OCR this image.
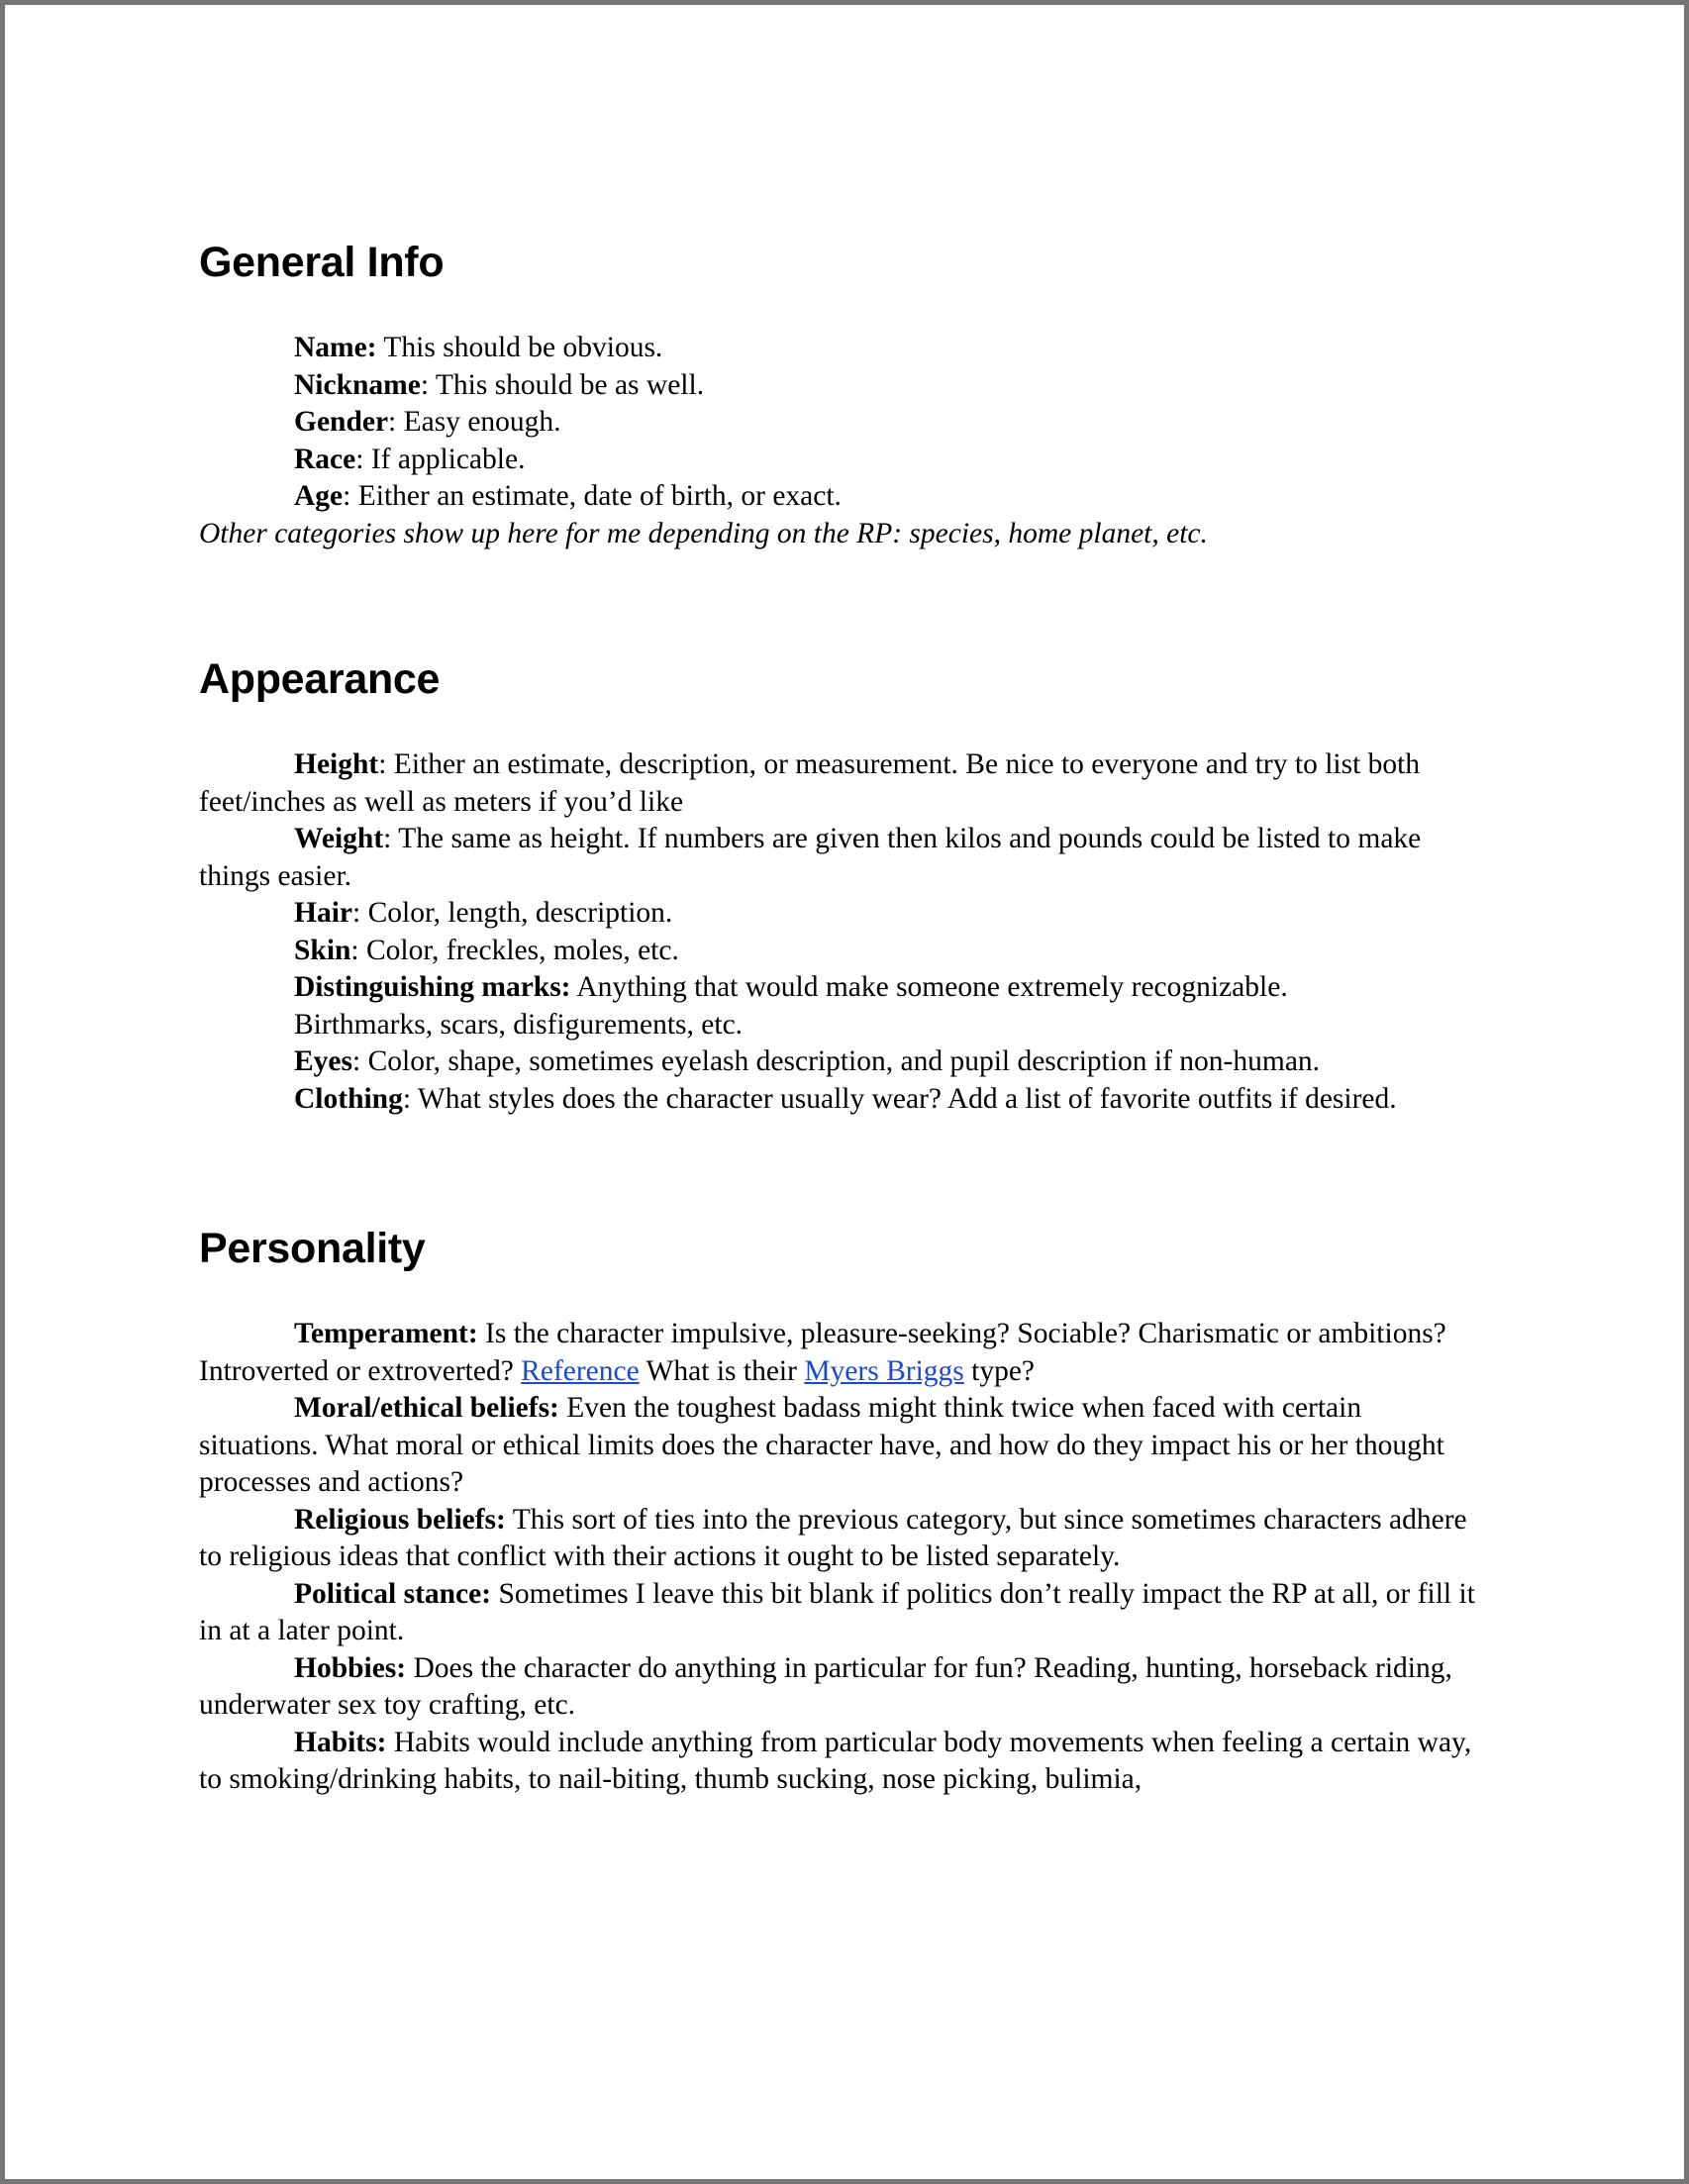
General Info

Name: This should be obvious.

Nickname: This should be as well.

Gender: Easy enough.

Race: If applicable.

Age: Either an estimate, date of birth, or exact.

Other categories show up here for me depending on the RP: species, home planet, etc.

Appearance

Height: Either an estimate, description, or measurement. Be nice to everyone and try to list both feet/inches as well as meters if you’d like

Weight: The same as height. If numbers are given then kilos and pounds could be listed to make things easier.

Hair: Color, length, description.

Skin: Color, freckles, moles, etc.

Distinguishing marks: Anything that would make someone extremely recognizable.

Birthmarks, scars, disfigurements, etc.

Eyes: Color, shape, sometimes eyelash description, and pupil description if non-human.

Clothing: What styles does the character usually wear? Add a list of favorite outfits if desired.

Personality

Temperament: Is the character impulsive, pleasure-seeking? Sociable? Charismatic or ambitions? Introverted or extroverted? Reference What is their Myers Briggs type?

Moral/ethical beliefs: Even the toughest badass might think twice when faced with certain situations. What moral or ethical limits does the character have, and how do they impact his or her thought processes and actions?

Religious beliefs: This sort of ties into the previous category, but since sometimes characters adhere to religious ideas that conflict with their actions it ought to be listed separately.

Political stance: Sometimes I leave this bit blank if politics don’t really impact the RP at all, or fill it in at a later point.

Hobbies: Does the character do anything in particular for fun? Reading, hunting, horseback riding, underwater sex toy crafting, etc.

Habits: Habits would include anything from particular body movements when feeling a certain way, to smoking/drinking habits, to nail-biting, thumb sucking, nose picking, bulimia,
